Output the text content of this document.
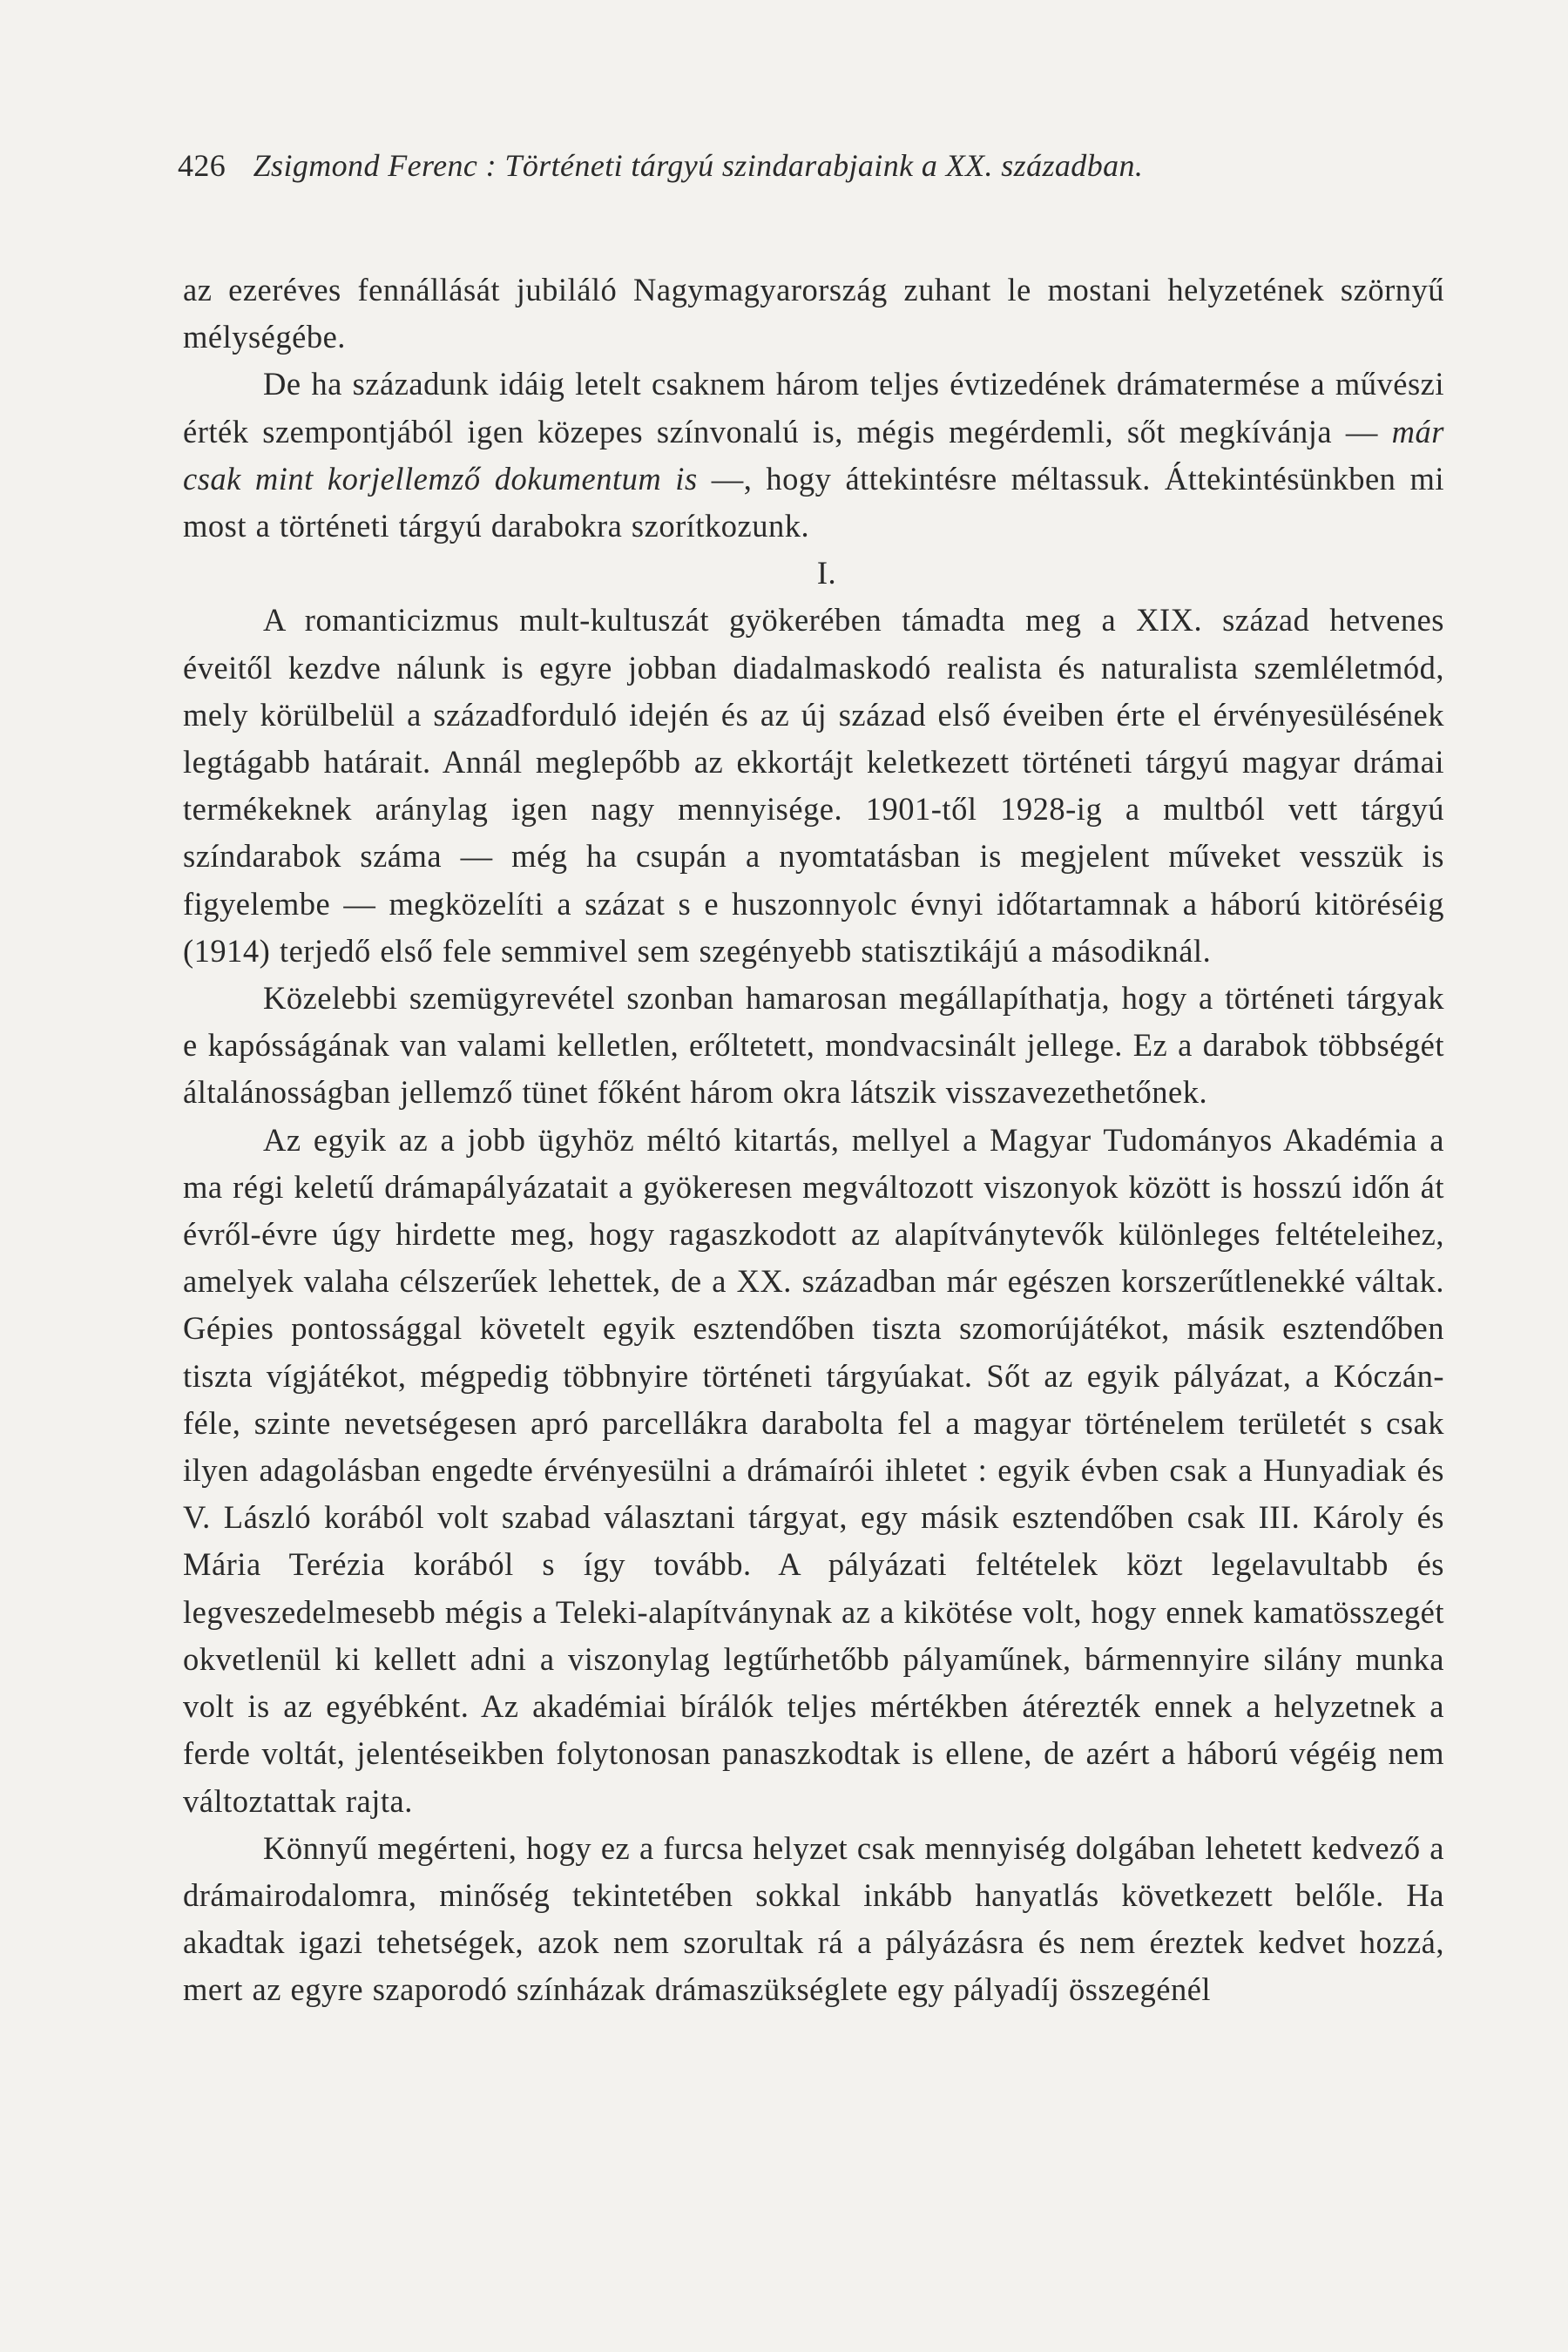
426 Zsigmond Ferenc : Történeti tárgyú szindarabjaink a XX. században.

az ezeréves fennállását jubiláló Nagymagyarország zuhant le mostani helyzetének szörnyű mélységébe.

De ha századunk idáig letelt csaknem három teljes évtizedének drámatermése a művészi érték szempontjából igen közepes színvonalú is, mégis megérdemli, sőt megkívánja — már csak mint korjellemző dokumentum is —, hogy áttekintésre méltassuk. Áttekintésünkben mi most a történeti tárgyú darabokra szorítkozunk.

I.

A romanticizmus mult-kultuszát gyökerében támadta meg a XIX. század hetvenes éveitől kezdve nálunk is egyre jobban diadalmaskodó realista és naturalista szemléletmód, mely körülbelül a századforduló idején és az új század első éveiben érte el érvényesülésének legtágabb határait. Annál meglepőbb az ekkortájt keletkezett történeti tárgyú magyar drámai termékeknek aránylag igen nagy mennyisége. 1901-től 1928-ig a multból vett tárgyú színdarabok száma — még ha csupán a nyomtatásban is megjelent műveket vesszük is figyelembe — megközelíti a százat s e huszonnyolc évnyi időtartamnak a háború kitöréséig (1914) terjedő első fele semmivel sem szegényebb statisztikájú a másodiknál.

Közelebbi szemügyrevétel szonban hamarosan megállapíthatja, hogy a történeti tárgyak e kapósságának van valami kelletlen, erőltetett, mondvacsinált jellege. Ez a darabok többségét általánosságban jellemző tünet főként három okra látszik visszavezethetőnek.

Az egyik az a jobb ügyhöz méltó kitartás, mellyel a Magyar Tudományos Akadémia a ma régi keletű drámapályázatait a gyökeresen megváltozott viszonyok között is hosszú időn át évről-évre úgy hirdette meg, hogy ragaszkodott az alapítványtevők különleges feltételeihez, amelyek valaha célszerűek lehettek, de a XX. században már egészen korszerűtlenekké váltak. Gépies pontossággal követelt egyik esztendőben tiszta szomorújátékot, másik esztendőben tiszta vígjátékot, mégpedig többnyire történeti tárgyúakat. Sőt az egyik pályázat, a Kóczán-féle, szinte nevetségesen apró parcellákra darabolta fel a magyar történelem területét s csak ilyen adagolásban engedte érvényesülni a drámaírói ihletet : egyik évben csak a Hunyadiak és V. László korából volt szabad választani tárgyat, egy másik esztendőben csak III. Károly és Mária Terézia korából s így tovább. A pályázati feltételek közt legelavultabb és legveszedelmesebb mégis a Teleki-alapítványnak az a kikötése volt, hogy ennek kamatösszegét okvetlenül ki kellett adni a viszonylag legtűrhetőbb pályaműnek, bármennyire silány munka volt is az egyébként. Az akadémiai bírálók teljes mértékben átérezték ennek a helyzetnek a ferde voltát, jelentéseikben folytonosan panaszkodtak is ellene, de azért a háború végéig nem változtattak rajta.

Könnyű megérteni, hogy ez a furcsa helyzet csak mennyiség dolgában lehetett kedvező a drámairodalomra, minőség tekintetében sokkal inkább hanyatlás következett belőle. Ha akadtak igazi tehetségek, azok nem szorultak rá a pályázásra és nem éreztek kedvet hozzá, mert az egyre szaporodó színházak drámaszükséglete egy pályadíj összegénél
